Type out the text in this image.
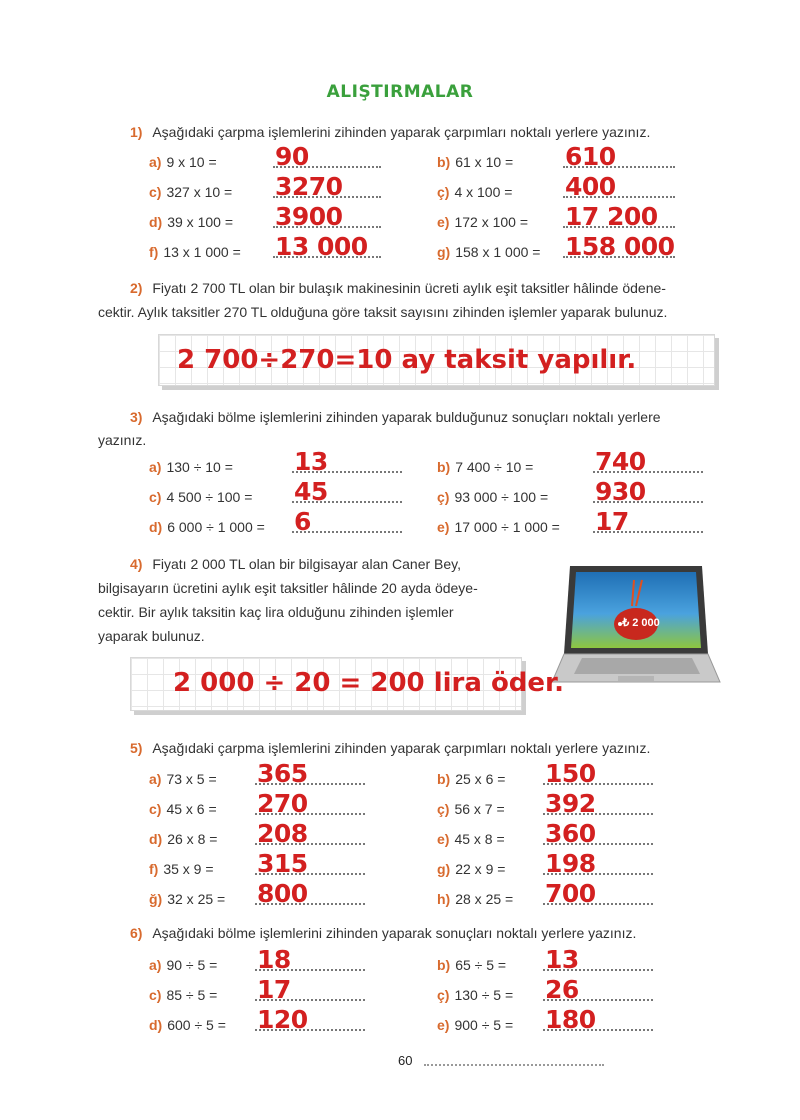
ALIŞTIRMALAR
1) Aşağıdaki çarpma işlemlerini zihinden yaparak çarpımları noktalı yerlere yazınız.
a) 9 x 10 = 90	b) 61 x 10 = 610
c) 327 x 10 = 3270	ç) 4 x 100 = 400
d) 39 x 100 = 3900	e) 172 x 100 = 17 200
f) 13 x 1 000 = 13 000	g) 158 x 1 000 = 158 000
2) Fiyatı 2 700 TL olan bir bulaşık makinesinin ücreti aylık eşit taksitler hâlinde ödene-
cektir. Aylık taksitler 270 TL olduğuna göre taksit sayısını zihinden işlemler yaparak bulunuz.
2 700÷270=10 ay taksit yapılır.
3) Aşağıdaki bölme işlemlerini zihinden yaparak bulduğunuz sonuçları noktalı yerlere
yazınız.
a) 130 ÷ 10 = 13	b) 7 400 ÷ 10 = 740
c) 4 500 ÷ 100 = 45	ç) 93 000 ÷ 100 = 930
d) 6 000 ÷ 1 000 = 6	e) 17 000 ÷ 1 000 = 17
4) Fiyatı 2 000 TL olan bir bilgisayar alan Caner Bey,
bilgisayarın ücretini aylık eşit taksitler hâlinde 20 ayda ödeye-
cektir. Bir aylık taksitin kaç lira olduğunu zihinden işlemler
yaparak bulunuz.
₺ 2 000
2 000 ÷ 20 = 200 lira öder.
5) Aşağıdaki çarpma işlemlerini zihinden yaparak çarpımları noktalı yerlere yazınız.
a) 73 x 5 = 365	b) 25 x 6 = 150
c) 45 x 6 = 270	ç) 56 x 7 = 392
d) 26 x 8 = 208	e) 45 x 8 = 360
f) 35 x 9 = 315	g) 22 x 9 = 198
ğ) 32 x 25 = 800	h) 28 x 25 = 700
6) Aşağıdaki bölme işlemlerini zihinden yaparak sonuçları noktalı yerlere yazınız.
a) 90 ÷ 5 = 18	b) 65 ÷ 5 = 13
c) 85 ÷ 5 = 17	ç) 130 ÷ 5 = 26
d) 600 ÷ 5 = 120	e) 900 ÷ 5 = 180
60
